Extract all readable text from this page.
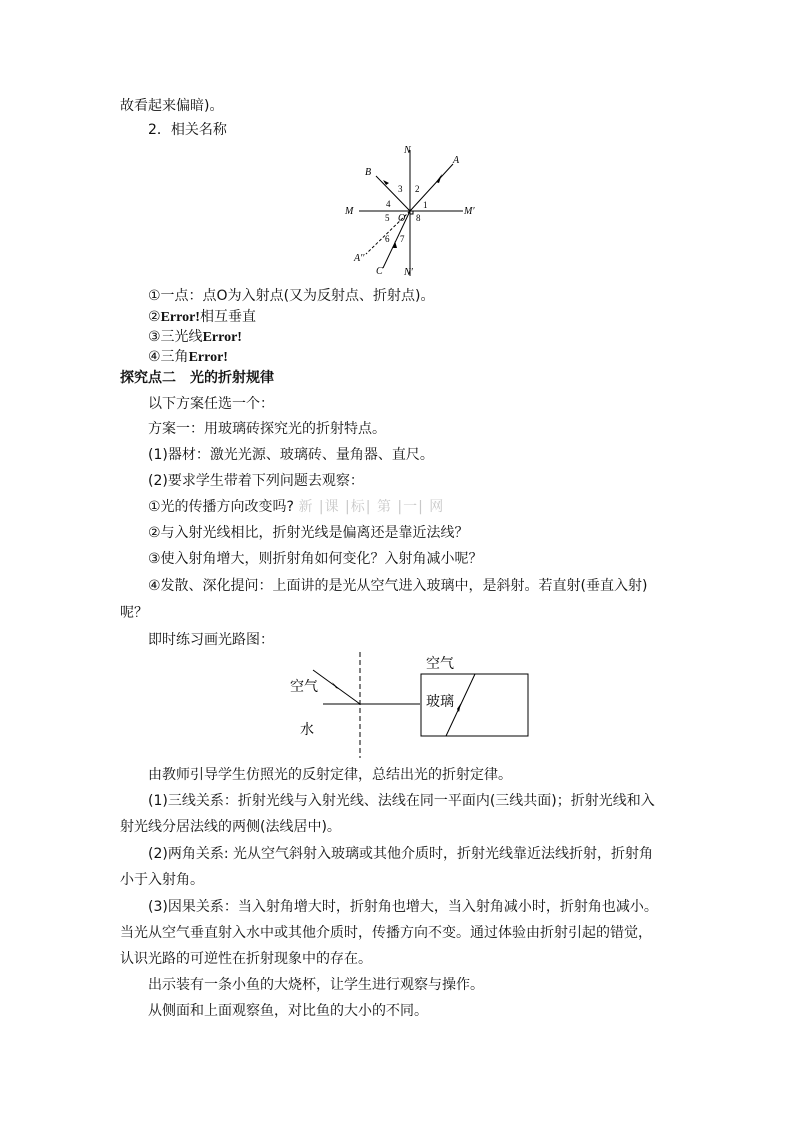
故看起来偏暗)。
2．相关名称
N
N′
M	M′
A
B
C
A′′
O
1
2
3
4
5
6 7
8
①一点：点O为入射点(又为反射点、折射点)。
②Error!相互垂直
③三光线Error!
④三角Error!
探究点二　光的折射规律
以下方案任选一个：
方案一：用玻璃砖探究光的折射特点。
(1)器材：激光光源、玻璃砖、量角器、直尺。
(2)要求学生带着下列问题去观察：
①光的传播方向改变吗? 新 |课 |标| 第 |一| 网
②与入射光线相比，折射光线是偏离还是靠近法线？
③使入射角增大，则折射角如何变化？入射角减小呢？
④发散、深化提问：上面讲的是光从空气进入玻璃中，是斜射。若直射(垂直入射)
呢？
即时练习画光路图：
空气
水
空气
玻璃
由教师引导学生仿照光的反射定律，总结出光的折射定律。
(1)三线关系：折射光线与入射光线、法线在同一平面内(三线共面)；折射光线和入
射光线分居法线的两侧(法线居中)。
(2)两角关系: 光从空气斜射入玻璃或其他介质时，折射光线靠近法线折射，折射角
小于入射角。
(3)因果关系：当入射角增大时，折射角也增大，当入射角减小时，折射角也减小。
当光从空气垂直射入水中或其他介质时，传播方向不变。通过体验由折射引起的错觉，
认识光路的可逆性在折射现象中的存在。
出示装有一条小鱼的大烧杯，让学生进行观察与操作。
从侧面和上面观察鱼，对比鱼的大小的不同。
